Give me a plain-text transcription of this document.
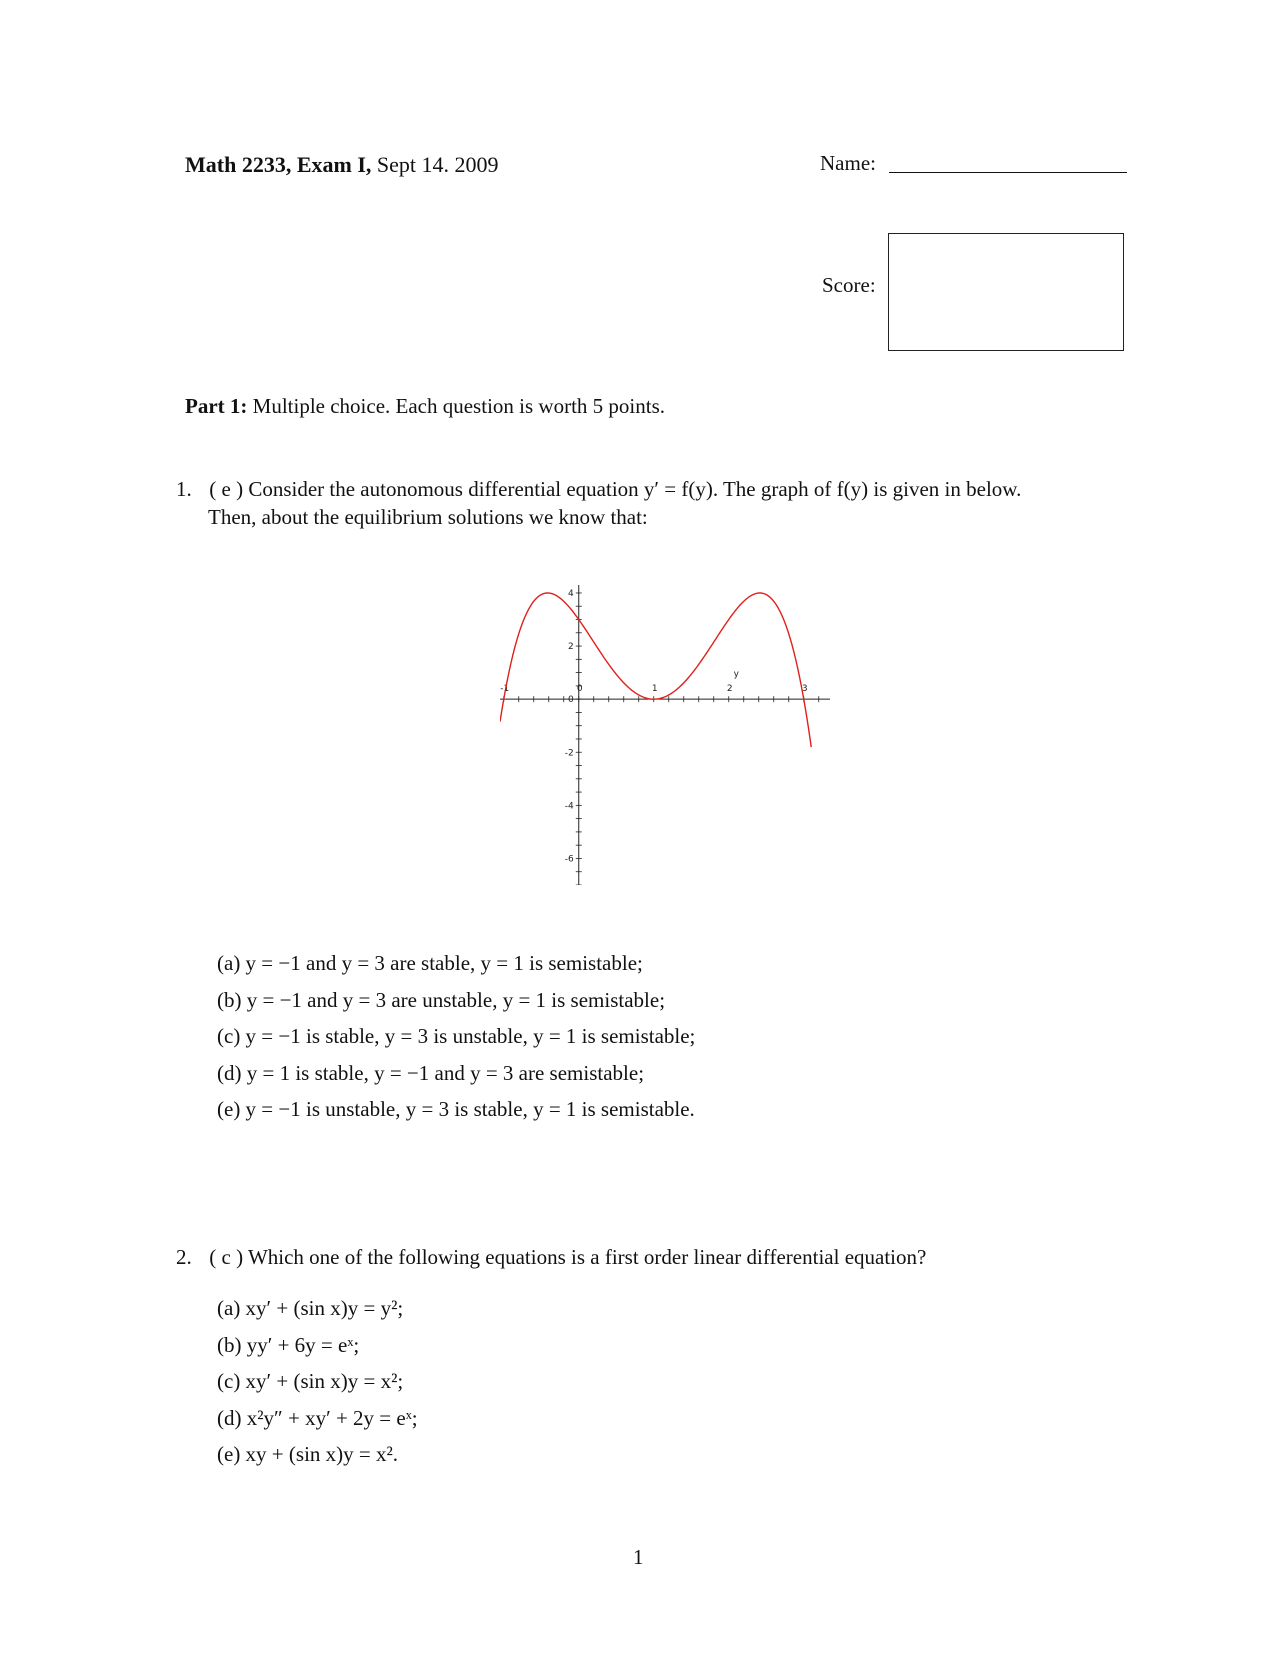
Math 2233, Exam I, Sept 14. 2009	Name:
Score:
Part 1: Multiple choice. Each question is worth 5 points.
1. ( e ) Consider the autonomous differential equation y′ = f(y). The graph of f(y) is given in below.
Then, about the equilibrium solutions we know that:
-1	0	1	2	3
4
2
0
-2
-4
-6
y
(a) y = −1 and y = 3 are stable, y = 1 is semistable;
(b) y = −1 and y = 3 are unstable, y = 1 is semistable;
(c) y = −1 is stable, y = 3 is unstable, y = 1 is semistable;
(d) y = 1 is stable, y = −1 and y = 3 are semistable;
(e) y = −1 is unstable, y = 3 is stable, y = 1 is semistable.
2. ( c ) Which one of the following equations is a first order linear differential equation?
(a) xy′ + (sin x)y = y²;
(b) yy′ + 6y = eˣ;
(c) xy′ + (sin x)y = x²;
(d) x²y″ + xy′ + 2y = eˣ;
(e) xy + (sin x)y = x².
1
